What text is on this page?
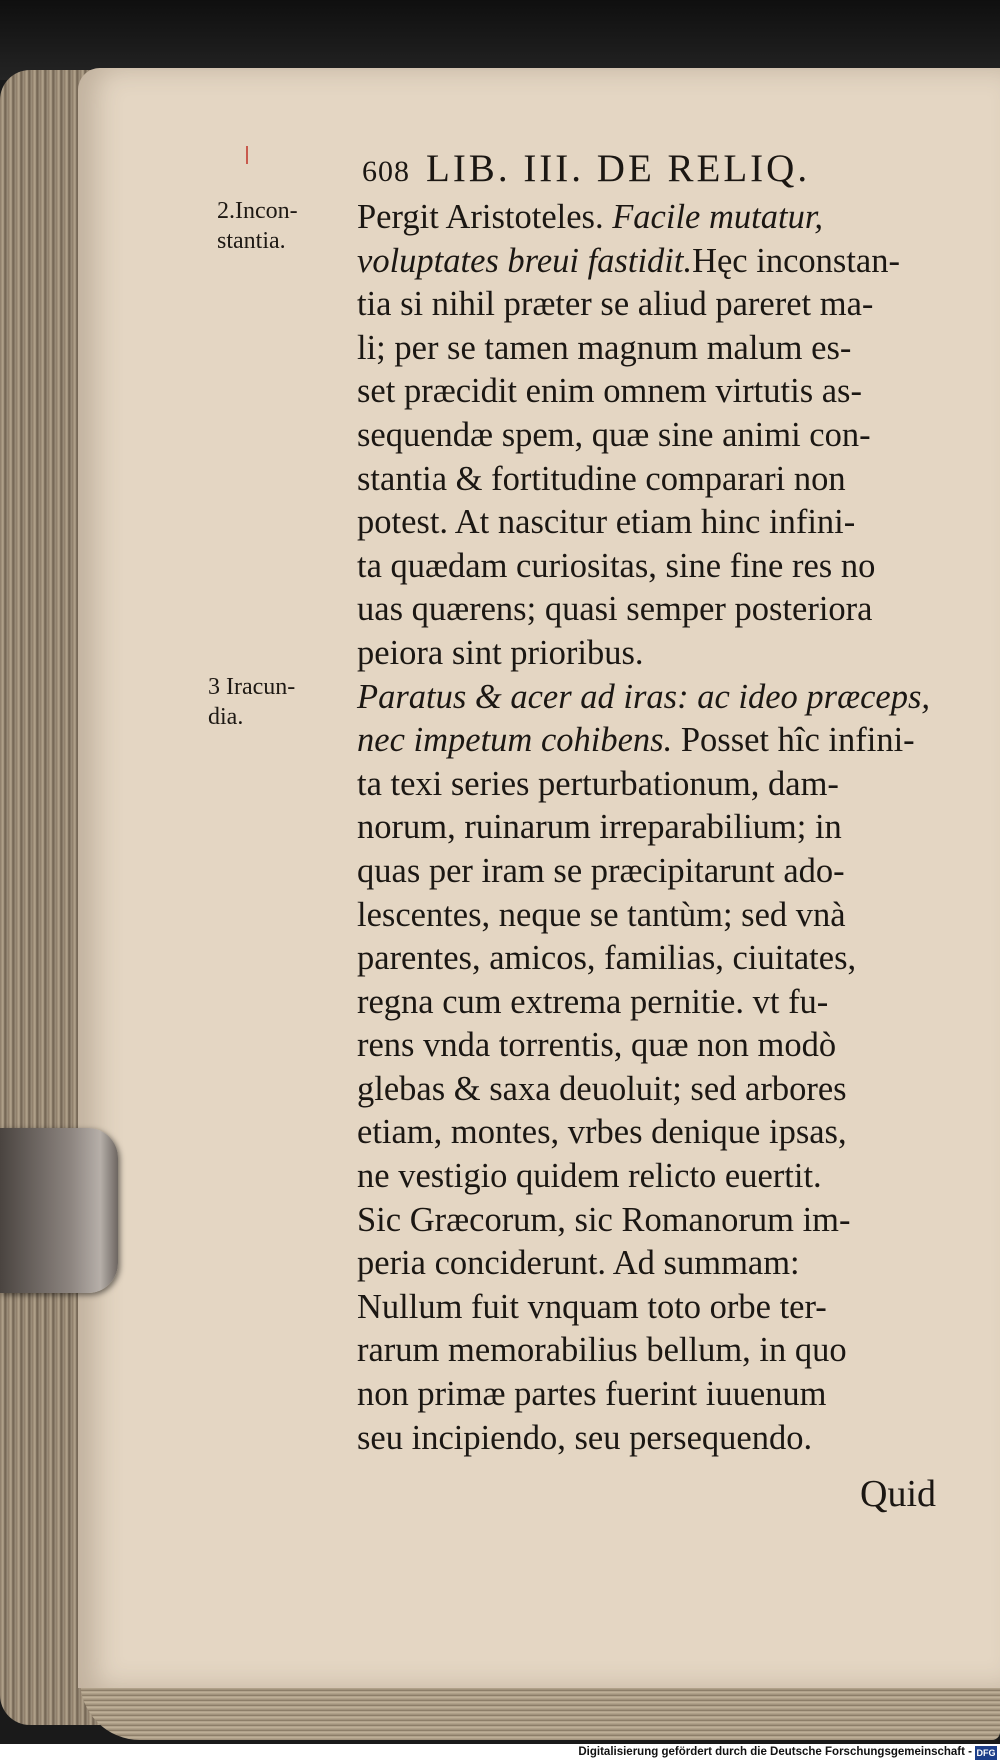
608 LIB. III. DE RELIQ.
2.Incon-
stantia.
3 Iracun-
dia.
Pergit Aristoteles. Facile mutatur,
voluptates breui fastidit.Hęc inconstan-
tia si nihil præter se aliud pareret ma-
li; per se tamen magnum malum es-
set præcidit enim omnem virtutis as-
sequendæ spem, quæ sine animi con-
stantia & fortitudine comparari non
potest. At nascitur etiam hinc infini-
ta quædam curiositas, sine fine res no
uas quærens; quasi semper posteriora
peiora sint prioribus.
Paratus & acer ad iras: ac ideo præceps,
nec impetum cohibens. Posset hîc infini-
ta texi series perturbationum, dam-
norum, ruinarum irreparabilium; in
quas per iram se præcipitarunt ado-
lescentes, neque se tantùm; sed vnà
parentes, amicos, familias, ciuitates,
regna cum extrema pernitie. vt fu-
rens vnda torrentis, quæ non modò
glebas & saxa deuoluit; sed arbores
etiam, montes, vrbes denique ipsas,
ne vestigio quidem relicto euertit.
Sic Græcorum, sic Romanorum im-
peria conciderunt. Ad summam:
Nullum fuit vnquam toto orbe ter-
rarum memorabilius bellum, in quo
non primæ partes fuerint iuuenum
seu incipiendo, seu persequendo.
Quid
Digitalisierung gefördert durch die Deutsche Forschungsgemeinschaft - DFG
